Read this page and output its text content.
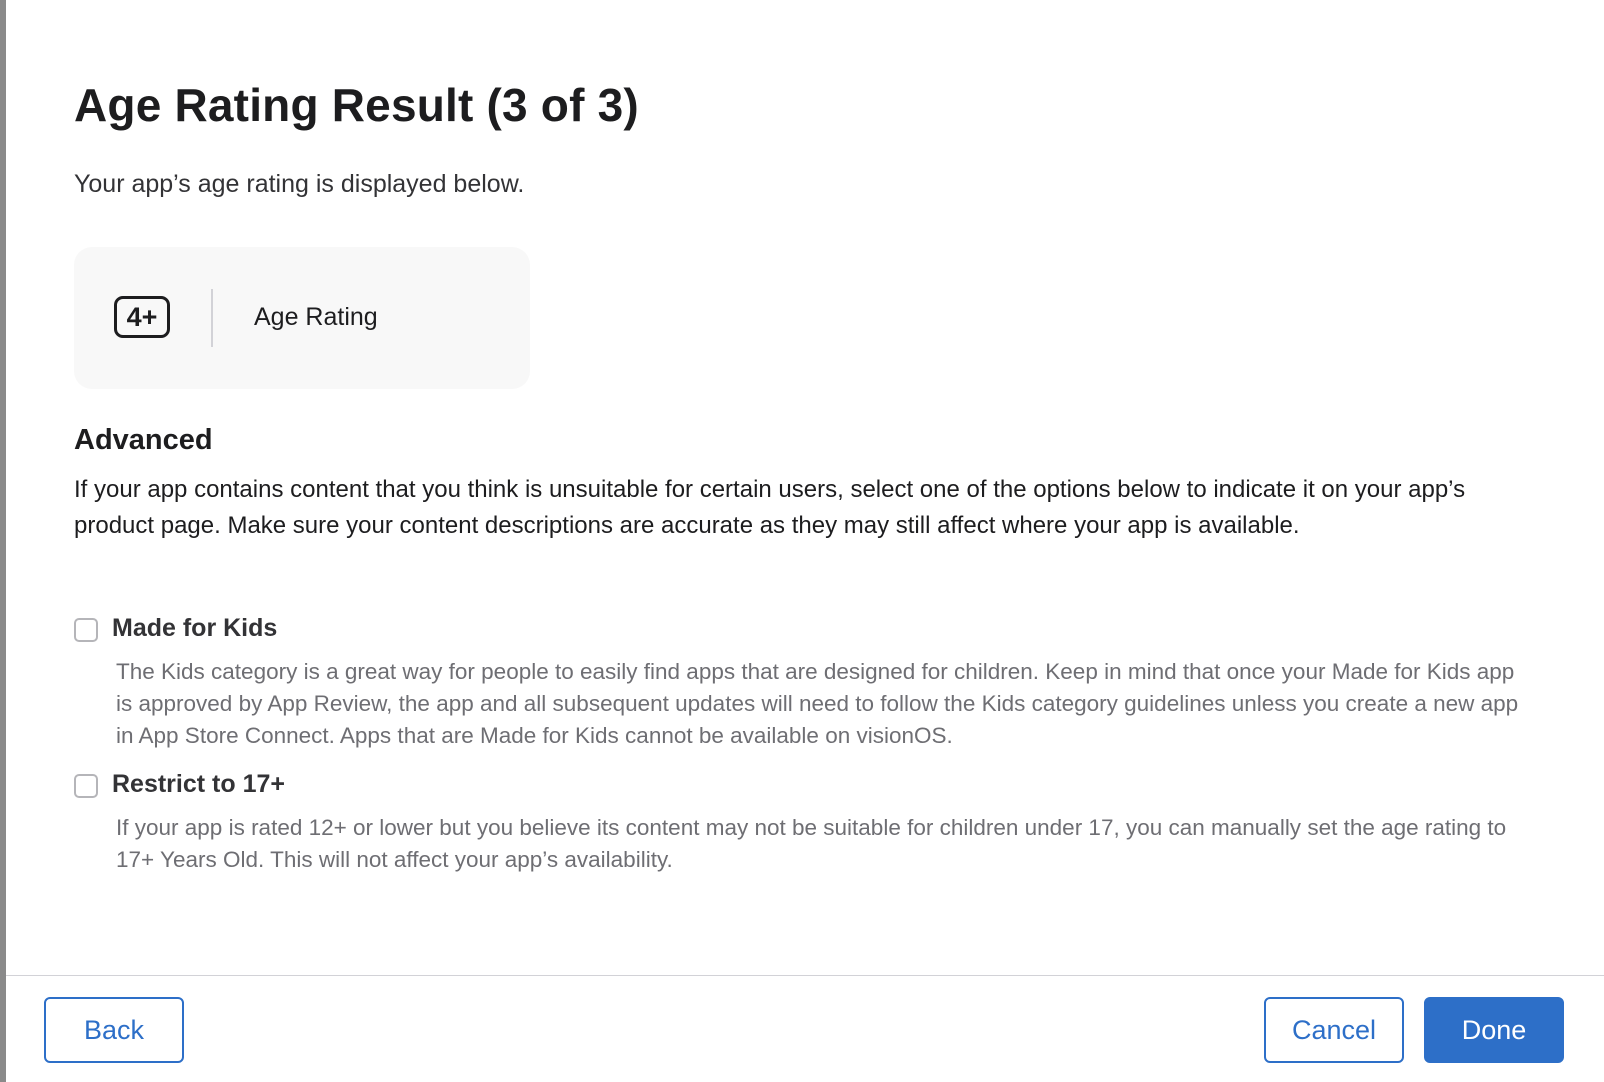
Age Rating Result (3 of 3)
Your app’s age rating is displayed below.
4+	Age Rating
Advanced
If your app contains content that you think is unsuitable for certain users, select one of the options below to indicate it on your app’s product page. Make sure your content descriptions are accurate as they may still affect where your app is available.
Made for Kids
The Kids category is a great way for people to easily find apps that are designed for children. Keep in mind that once your Made for Kids app is approved by App Review, the app and all subsequent updates will need to follow the Kids category guidelines unless you create a new app in App Store Connect. Apps that are Made for Kids cannot be available on visionOS.
Restrict to 17+
If your app is rated 12+ or lower but you believe its content may not be suitable for children under 17, you can manually set the age rating to 17+ Years Old. This will not affect your app’s availability.
Back	Cancel	Done
